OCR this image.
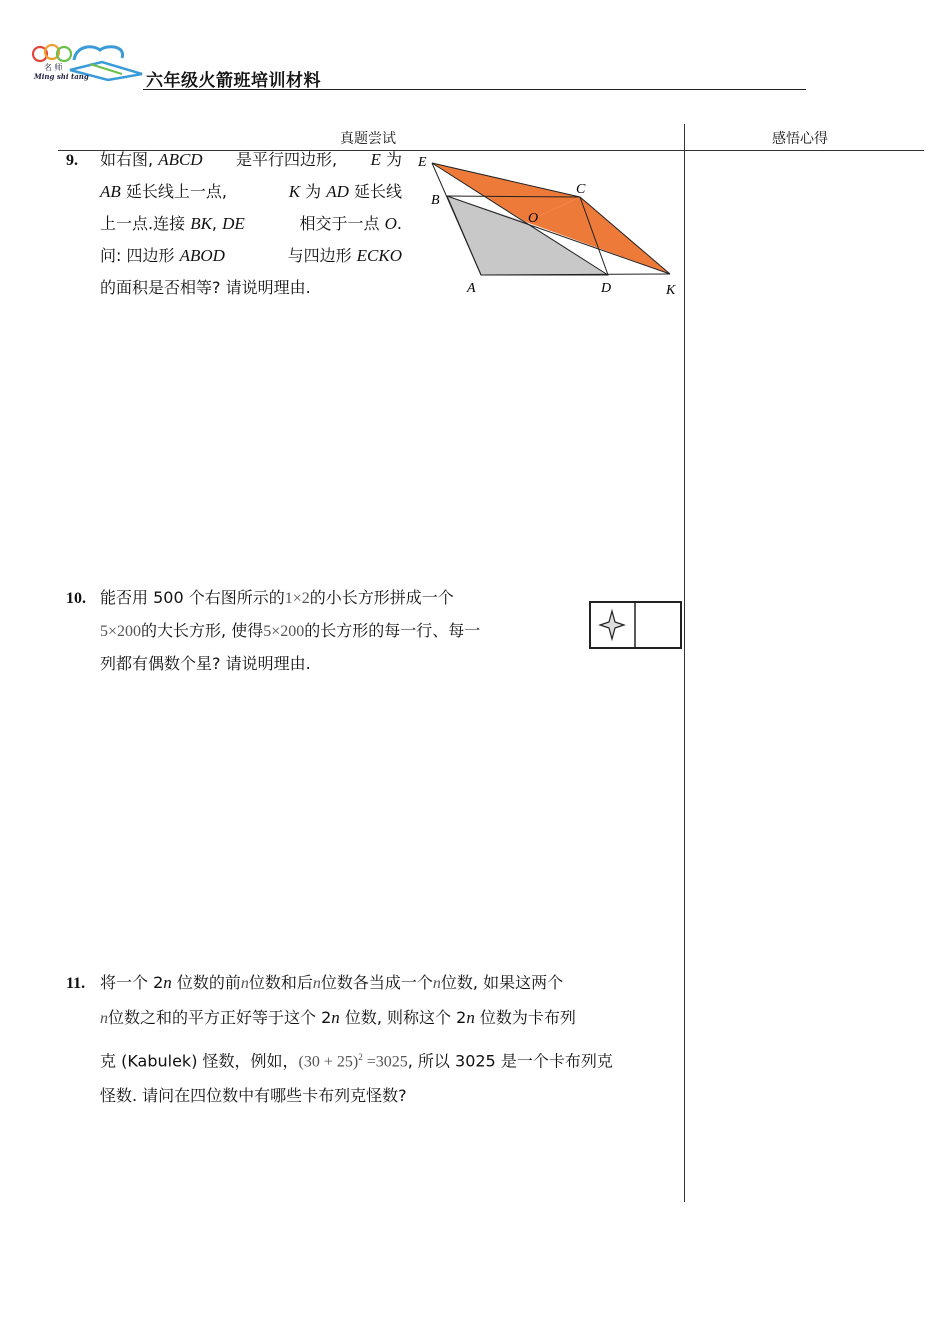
名 师
Ming shi tang	六年级火箭班培训材料
真题尝试	感悟心得
9. 如右图, ABCD 是平行四边形, E 为

AB 延长线上一点,	K 为 AD 延长线

上一点.连接 BK, DE	相交于一点 O.

问: 四边形 ABOD	与四边形 ECKO

的面积是否相等? 请说明理由.

E
B
C
O
A	D	K
10. 能否用 500 个右图所示的1×2的小长方形拼成一个

5×200的大长方形, 使得5×200的长方形的每一行、每一

列都有偶数个星? 请说明理由.

11. 将一个 2n 位数的前n位数和后n位数各当成一个n位数, 如果这两个

n位数之和的平方正好等于这个 2n 位数, 则称这个 2n 位数为卡布列

克 (Kabulek) 怪数，例如，$(30 + 25)^2 =3025$, 所以 3025 是一个卡布列克

怪数. 请问在四位数中有哪些卡布列克怪数?
